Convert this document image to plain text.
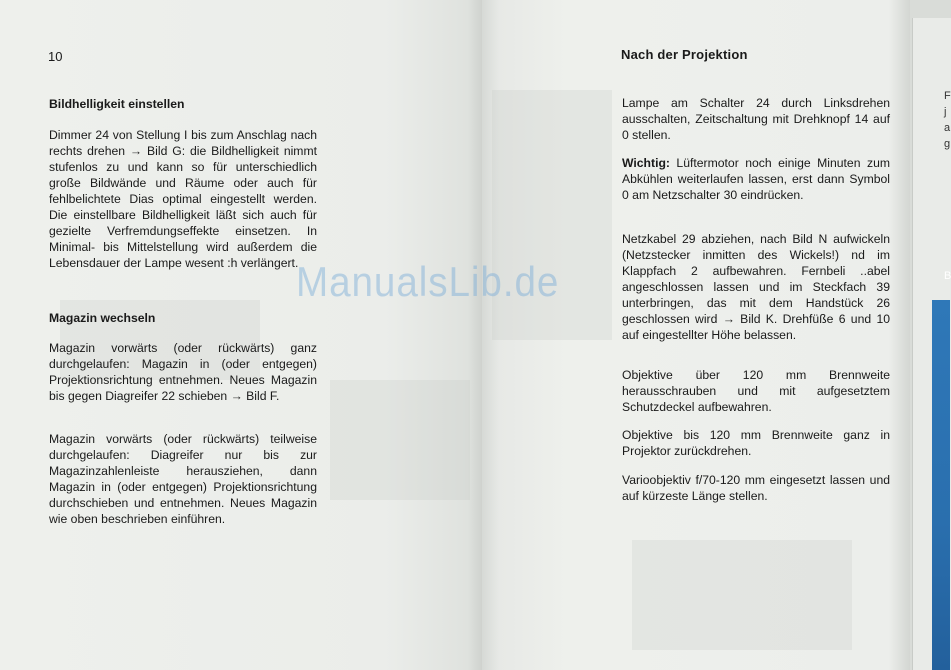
F
j
a
g
B
10	Nach der Projektion
Bildhelligkeit einstellen

Dimmer 24 von Stellung I bis zum Anschlag nach rechts drehen → Bild G: die Bildhelligkeit nimmt stufenlos zu und kann so für unterschiedlich große Bildwände und Räume oder auch für fehlbelichtete Dias optimal eingestellt werden. Die einstellbare Bildhelligkeit läßt sich auch für gezielte Verfremdungseffekte einsetzen. In Minimal- bis Mittelstellung wird außerdem die Lebensdauer der Lampe wesent :h verlängert.

Magazin wechseln

Magazin vorwärts (oder rückwärts) ganz durchgelaufen: Magazin in (oder entgegen) Projektionsrichtung entnehmen. Neues Magazin bis gegen Diagreifer 22 schieben → Bild F.

Magazin vorwärts (oder rückwärts) teilweise durchgelaufen: Diagreifer nur bis zur Magazinzahlenleiste herausziehen, dann Magazin in (oder entgegen) Projektionsrichtung durchschieben und entnehmen. Neues Magazin wie oben beschrieben einführen.

Lampe am Schalter 24 durch Linksdrehen ausschalten, Zeitschaltung mit Drehknopf 14 auf 0 stellen.

Wichtig: Lüftermotor noch einige Minuten zum Abkühlen weiterlaufen lassen, erst dann Symbol 0 am Netzschalter 30 eindrücken.

Netzkabel 29 abziehen, nach Bild N aufwickeln (Netzstecker inmitten des Wickels!) nd im Klappfach 2 aufbewahren. Fernbeli ..abel angeschlossen lassen und im Steckfach 39 unterbringen, das mit dem Handstück 26 geschlossen wird → Bild K. Drehfüße 6 und 10 auf eingestellter Höhe belassen.

Objektive über 120 mm Brennweite herausschrauben und mit aufgesetztem Schutzdeckel aufbewahren.

Objektive bis 120 mm Brennweite ganz in Projektor zurückdrehen.

Varioobjektiv f/70-120 mm eingesetzt lassen und auf kürzeste Länge stellen.

ManualsLib.de
